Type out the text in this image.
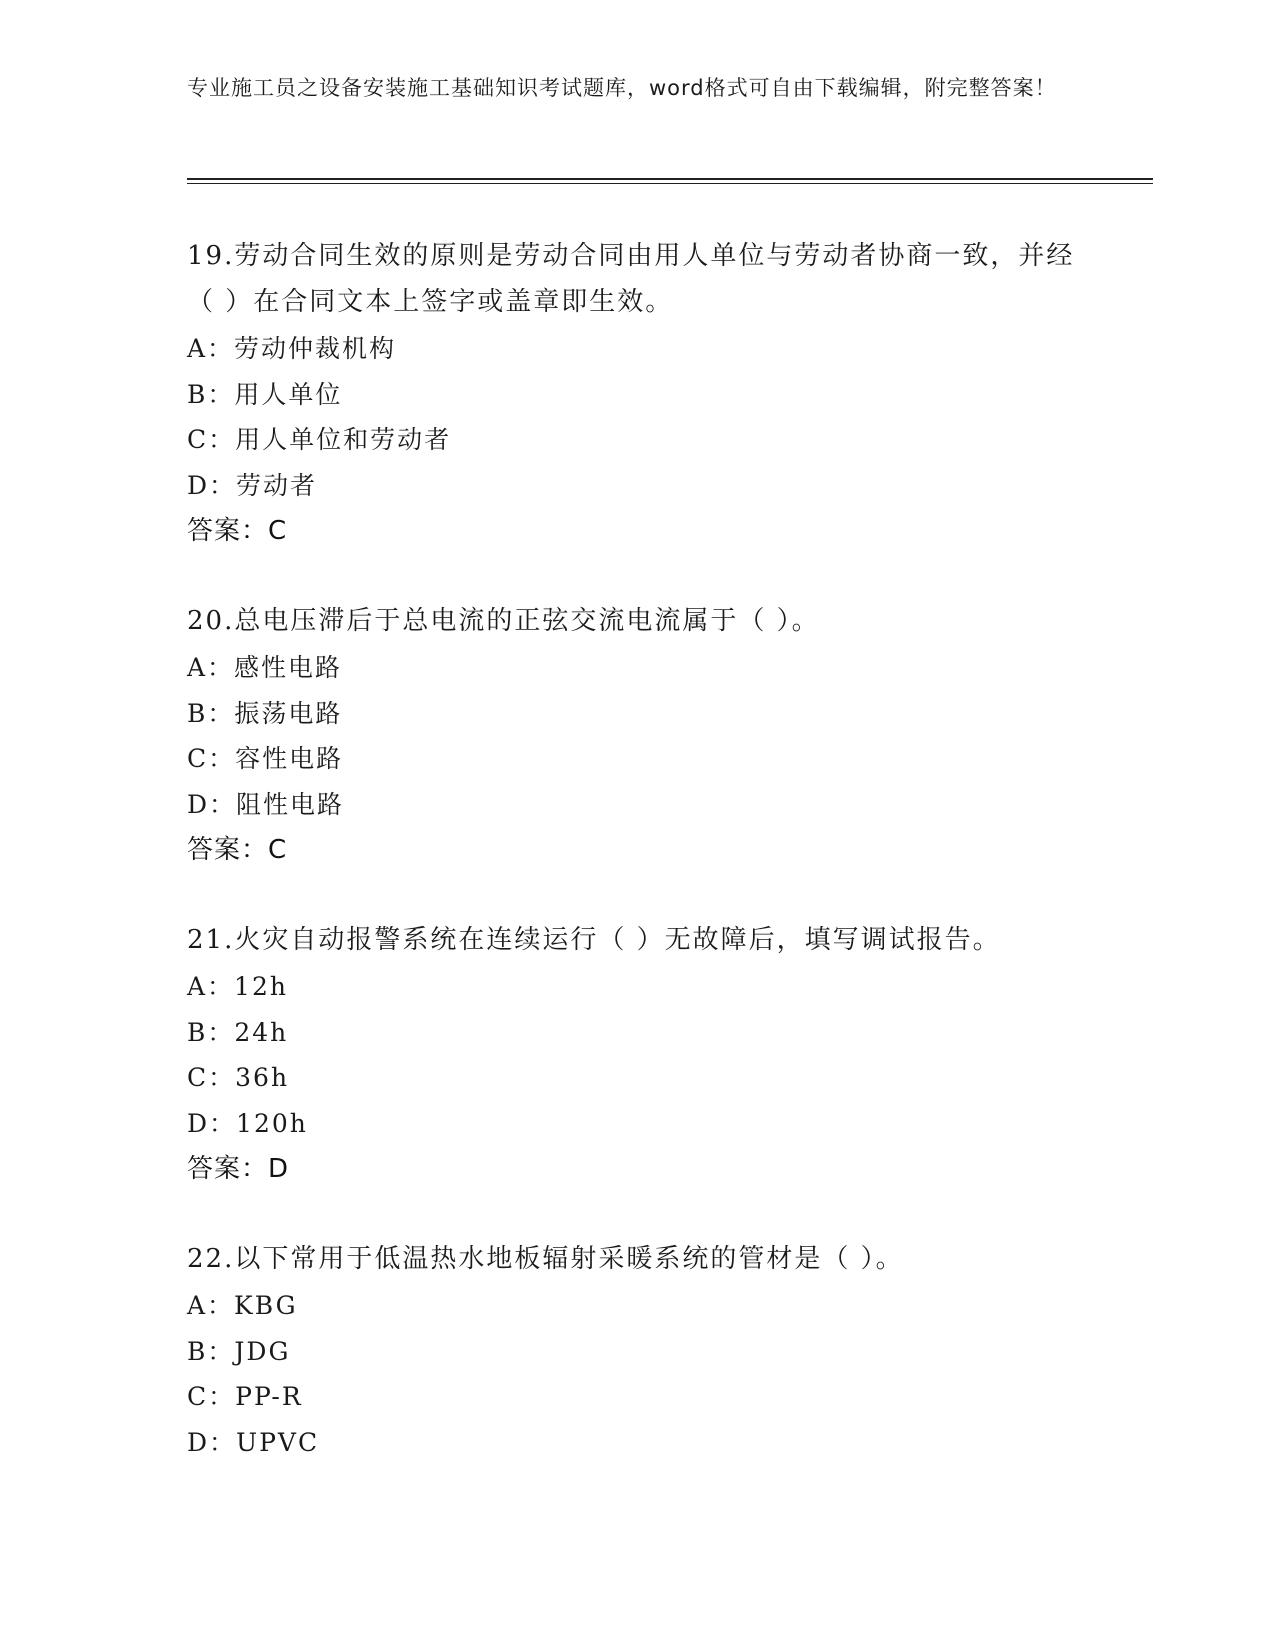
专业施工员之设备安装施工基础知识考试题库，word格式可自由下载编辑，附完整答案！
19.劳动合同生效的原则是劳动合同由用人单位与劳动者协商一致，并经（ ）在合同文本上签字或盖章即生效。
A：劳动仲裁机构
B：用人单位
C：用人单位和劳动者
D：劳动者
答案：C
20.总电压滞后于总电流的正弦交流电流属于（ ）。
A：感性电路
B：振荡电路
C：容性电路
D：阻性电路
答案：C
21.火灾自动报警系统在连续运行（ ）无故障后，填写调试报告。
A：12h
B：24h
C：36h
D：120h
答案：D
22.以下常用于低温热水地板辐射采暖系统的管材是（ ）。
A：KBG
B：JDG
C：PP-R
D：UPVC
